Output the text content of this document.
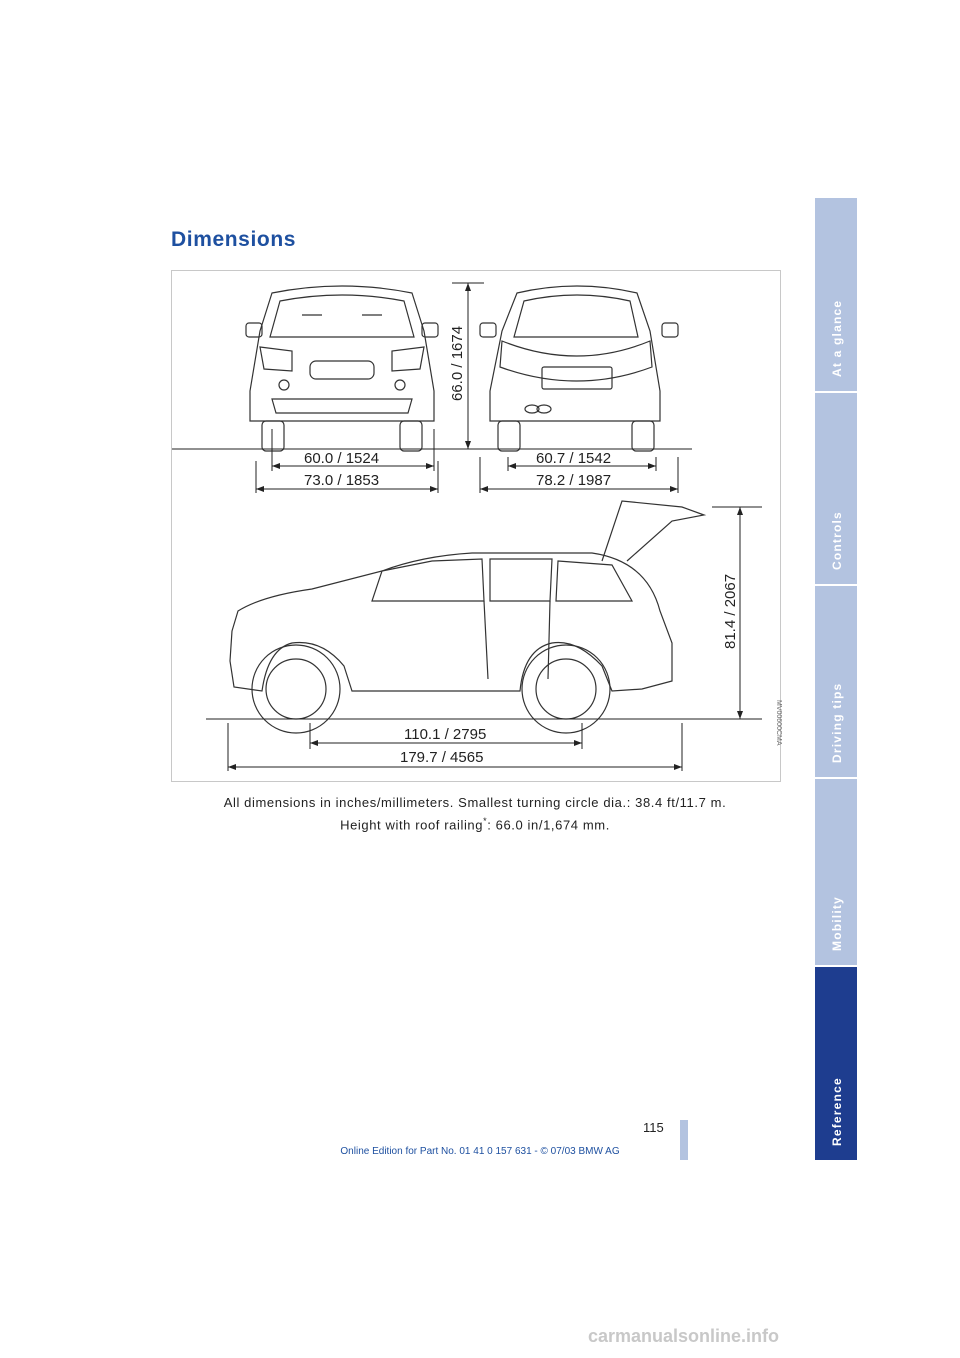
Dimensions
60.0 / 1524
73.0 / 1853
66.0 / 1674
60.7 / 1542
78.2 / 1987
81.4 / 2067
110.1 / 2795
179.7 / 4565
MV00600CMA
All dimensions in inches/millimeters. Smallest turning circle dia.: 38.4 ft/11.7 m.
Height with roof railing*: 66.0 in/1,674 mm.
At a glance
Controls
Driving tips
Mobility
Reference
115
Online Edition for Part No. 01 41 0 157 631 - © 07/03 BMW AG
carmanualsonline.info
